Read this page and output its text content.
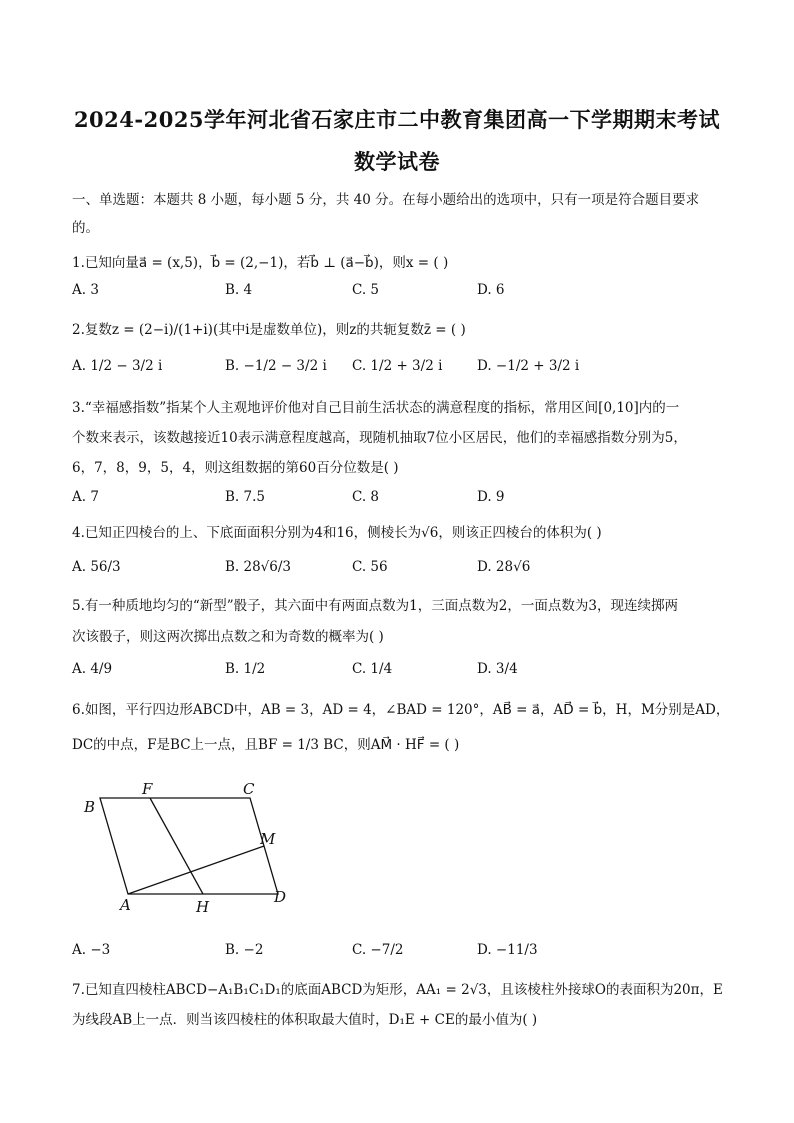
2024-2025学年河北省石家庄市二中教育集团高一下学期期末考试
数学试卷
一、单选题：本题共 8 小题，每小题 5 分，共 40 分。在每小题给出的选项中，只有一项是符合题目要求
的。
1.已知向量a⃗ = (x,5)，b⃗ = (2,−1)，若b⃗ ⊥ (a⃗−b⃗)，则x = ( )
A. 3	B. 4	C. 5	D. 6
2.复数z = (2−i)/(1+i)(其中i是虚数单位)，则z的共轭复数z̄ = ( )
A. 1/2 − 3/2 i	B. −1/2 − 3/2 i C. 1/2 + 3/2 i	D. −1/2 + 3/2 i
3.“幸福感指数”指某个人主观地评价他对自己目前生活状态的满意程度的指标，常用区间[0,10]内的一
个数来表示，该数越接近10表示满意程度越高，现随机抽取7位小区居民，他们的幸福感指数分别为5，
6，7，8，9，5，4，则这组数据的第60百分位数是( )
A. 7	B. 7.5	C. 8	D. 9
4.已知正四棱台的上、下底面面积分别为4和16，侧棱长为√6，则该正四棱台的体积为( )
A. 56/3	B. 28√6/3	C. 56	D. 28√6
5.有一种质地均匀的“新型”骰子，其六面中有两面点数为1，三面点数为2，一面点数为3，现连续掷两
次该骰子，则这两次掷出点数之和为奇数的概率为( )
A. 4/9	B. 1/2	C. 1/4	D. 3/4
6.如图，平行四边形ABCD中，AB = 3，AD = 4，∠BAD = 120°，AB⃗ = a⃗，AD⃗ = b⃗，H，M分别是AD，
DC的中点，F是BC上一点，且BF = 1/3 BC，则AM⃗ · HF⃗ = ( )
B
F	C
M
A	H
D
A. −3	B. −2	C. −7/2	D. −11/3
7.已知直四棱柱ABCD−A₁B₁C₁D₁的底面ABCD为矩形，AA₁ = 2√3，且该棱柱外接球O的表面积为20π，E
为线段AB上一点．则当该四棱柱的体积取最大值时，D₁E + CE的最小值为( )
